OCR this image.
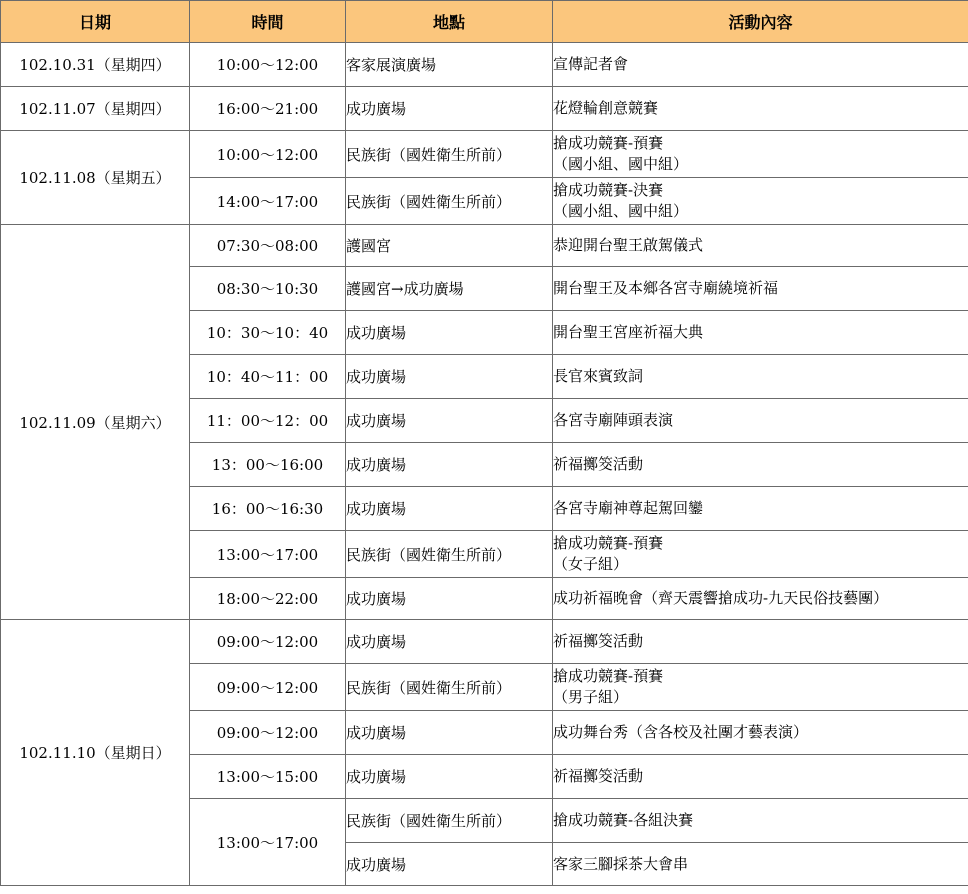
日期	時間	地點	活動內容
102.10.31（星期四）	10:00～12:00	客家展演廣場	宣傳記者會

102.11.07（星期四）	16:00～21:00	成功廣場	花燈輪創意競賽

102.11.08（星期五）	10:00～12:00	民族街（國姓衛生所前）	搶成功競賽-預賽
（國小組、國中組）

	14:00～17:00	民族街（國姓衛生所前）	搶成功競賽-決賽
（國小組、國中組）

102.11.09（星期六）	07:30～08:00	護國宮	恭迎開台聖王啟駕儀式

	08:30～10:30	護國宮→成功廣場	開台聖王及本鄉各宮寺廟繞境祈福

	10：30～10：40	成功廣場	開台聖王宮座祈福大典

	10：40～11：00	成功廣場	長官來賓致詞

	11：00～12：00	成功廣場	各宮寺廟陣頭表演

	13：00～16:00	成功廣場	祈福擲筊活動

	16：00～16:30	成功廣場	各宮寺廟神尊起駕回鑾

	13:00～17:00	民族街（國姓衛生所前）	搶成功競賽-預賽
（女子組）

	18:00～22:00	成功廣場	成功祈福晚會（齊天震響搶成功-九天民俗技藝團）

102.11.10（星期日）	09:00～12:00	成功廣場	祈福擲筊活動

	09:00～12:00	民族街（國姓衛生所前）	搶成功競賽-預賽
（男子組）

	09:00～12:00	成功廣場	成功舞台秀（含各校及社團才藝表演）

	13:00～15:00	成功廣場	祈福擲筊活動

	13:00～17:00	民族街（國姓衛生所前）	搶成功競賽-各組決賽

		成功廣場	客家三腳採茶大會串
